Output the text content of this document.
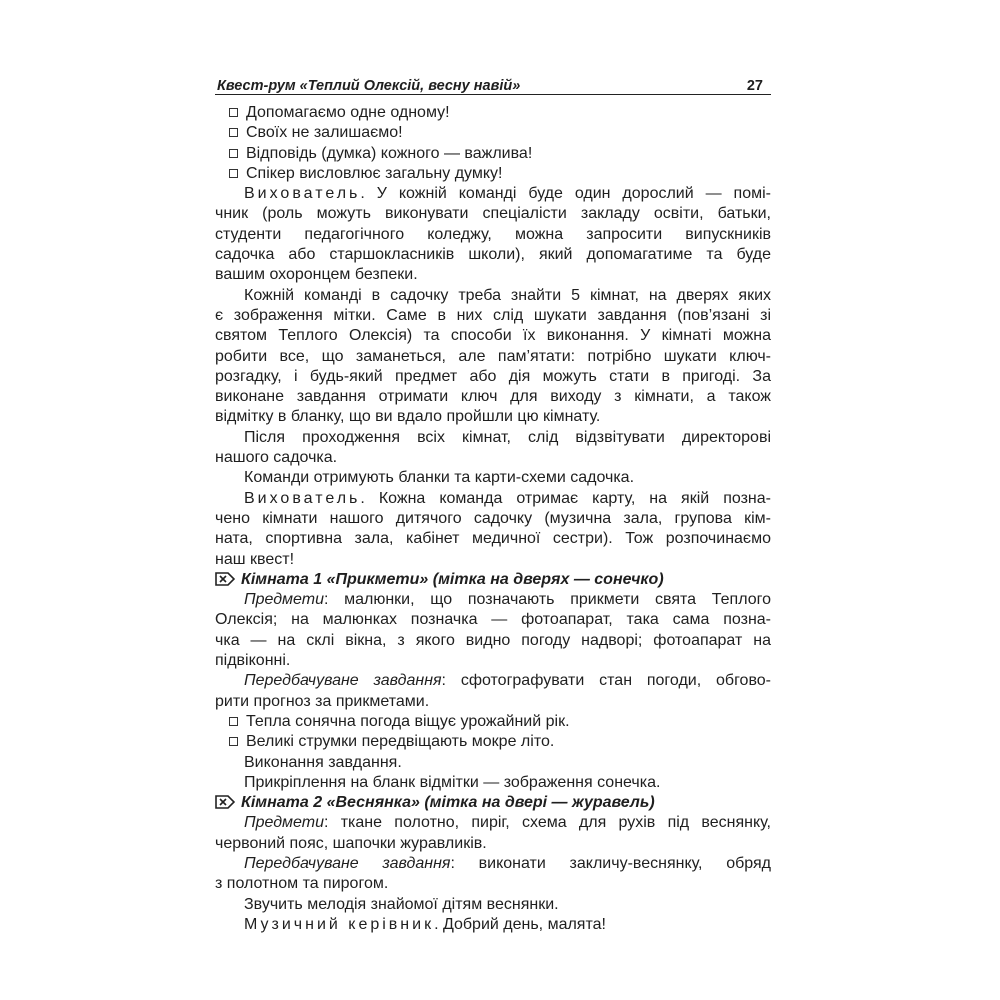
Квест-рум «Теплий Олексій, весну навій»	27
Допомагаємо одне одному!
Своїх не залишаємо!
Відповідь (думка) кожного — важлива!
Спікер висловлює загальну думку!
Вихователь. У кожній команді буде один дорослий — помі-
чник (роль можуть виконувати спеціалісти закладу освіти, батьки,
студенти педагогічного коледжу, можна запросити випускників
садочка або старшокласників школи), який допомагатиме та буде
вашим охоронцем безпеки.
Кожній команді в садочку треба знайти 5 кімнат, на дверях яких
є зображення мітки. Саме в них слід шукати завдання (пов’язані зі
святом Теплого Олексія) та способи їх виконання. У кімнаті можна
робити все, що заманеться, але пам’ятати: потрібно шукати ключ-
розгадку, і будь-який предмет або дія можуть стати в пригоді. За
виконане завдання отримати ключ для виходу з кімнати, а також
відмітку в бланку, що ви вдало пройшли цю кімнату.
Після проходження всіх кімнат, слід відзвітувати директорові
нашого садочка.
Команди отримують бланки та карти-схеми садочка.
Вихователь. Кожна команда отримає карту, на якій позна-
чено кімнати нашого дитячого садочку (музична зала, групова кім-
ната, спортивна зала, кабінет медичної сестри). Тож розпочинаємо
наш квест!
Кімната 1 «Прикмети» (мітка на дверях — сонечко)
Предмети: малюнки, що позначають прикмети свята Теплого
Олексія; на малюнках позначка — фотоапарат, така сама позна-
чка — на склі вікна, з якого видно погоду надворі; фотоапарат на
підвіконні.
Передбачуване завдання: сфотографувати стан погоди, обгово-
рити прогноз за прикметами.
Тепла сонячна погода віщує урожайний рік.
Великі струмки передвіщають мокре літо.
Виконання завдання.
Прикріплення на бланк відмітки — зображення сонечка.
Кімната 2 «Веснянка» (мітка на двері — журавель)
Предмети: ткане полотно, пиріг, схема для рухів під веснянку,
червоний пояс, шапочки журавликів.
Передбачуване завдання: виконати закличу-веснянку, обряд
з полотном та пирогом.
Звучить мелодія знайомої дітям веснянки.
Музичний керівник. Добрий день, малята!
